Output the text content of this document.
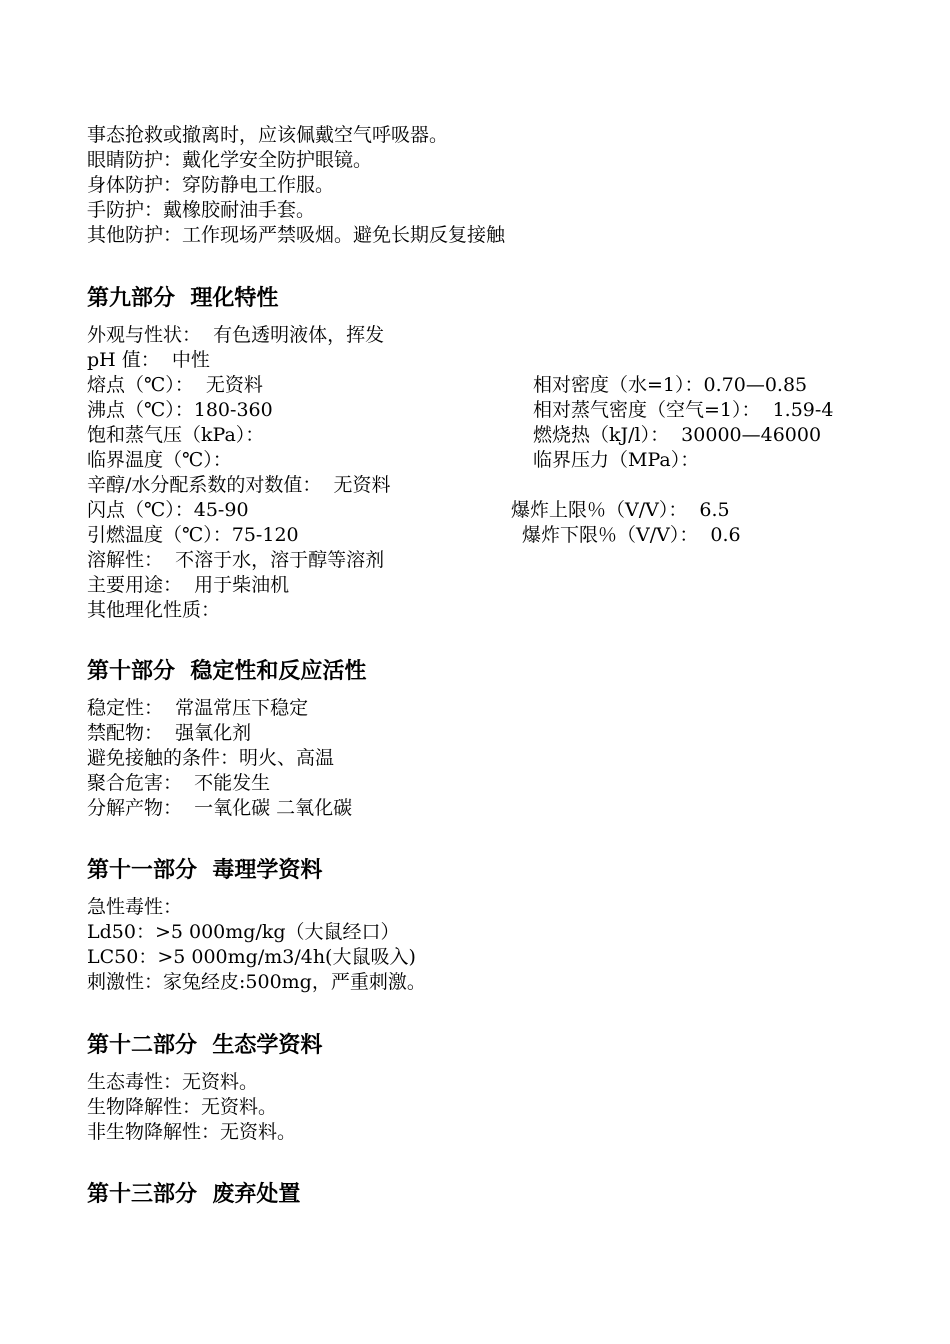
事态抢救或撤离时，应该佩戴空气呼吸器。
眼睛防护：戴化学安全防护眼镜。
身体防护：穿防静电工作服。
手防护：戴橡胶耐油手套。
其他防护：工作现场严禁吸烟。避免长期反复接触
第九部分  理化特性
外观与性状：  有色透明液体，挥发
pH 值：  中性
熔点（℃）：  无资料
沸点（℃）：180-360
饱和蒸气压（kPa）：
临界温度（℃）：
辛醇/水分配系数的对数值：  无资料
闪点（℃）：45-90
引燃温度（℃）：75-120
溶解性：  不溶于水，溶于醇等溶剂
主要用途：  用于柴油机
其他理化性质：
相对密度（水=1）：0.70—0.85
相对蒸气密度（空气=1）：  1.59-4
燃烧热（kJ/l）：  30000—46000
临界压力（MPa）：
爆炸上限％（V/V）：  6.5
爆炸下限％（V/V）：  0.6
第十部分  稳定性和反应活性
稳定性：  常温常压下稳定
禁配物：  强氧化剂
避免接触的条件：明火、高温
聚合危害：  不能发生
分解产物：  一氧化碳 二氧化碳
第十一部分  毒理学资料
急性毒性：
Ld50：>5 000mg/kg（大鼠经口）
LC50：>5 000mg/m3/4h(大鼠吸入)
刺激性：家兔经皮:500mg，严重刺激。
第十二部分  生态学资料
生态毒性：无资料。
生物降解性：无资料。
非生物降解性：无资料。
第十三部分  废弃处置
